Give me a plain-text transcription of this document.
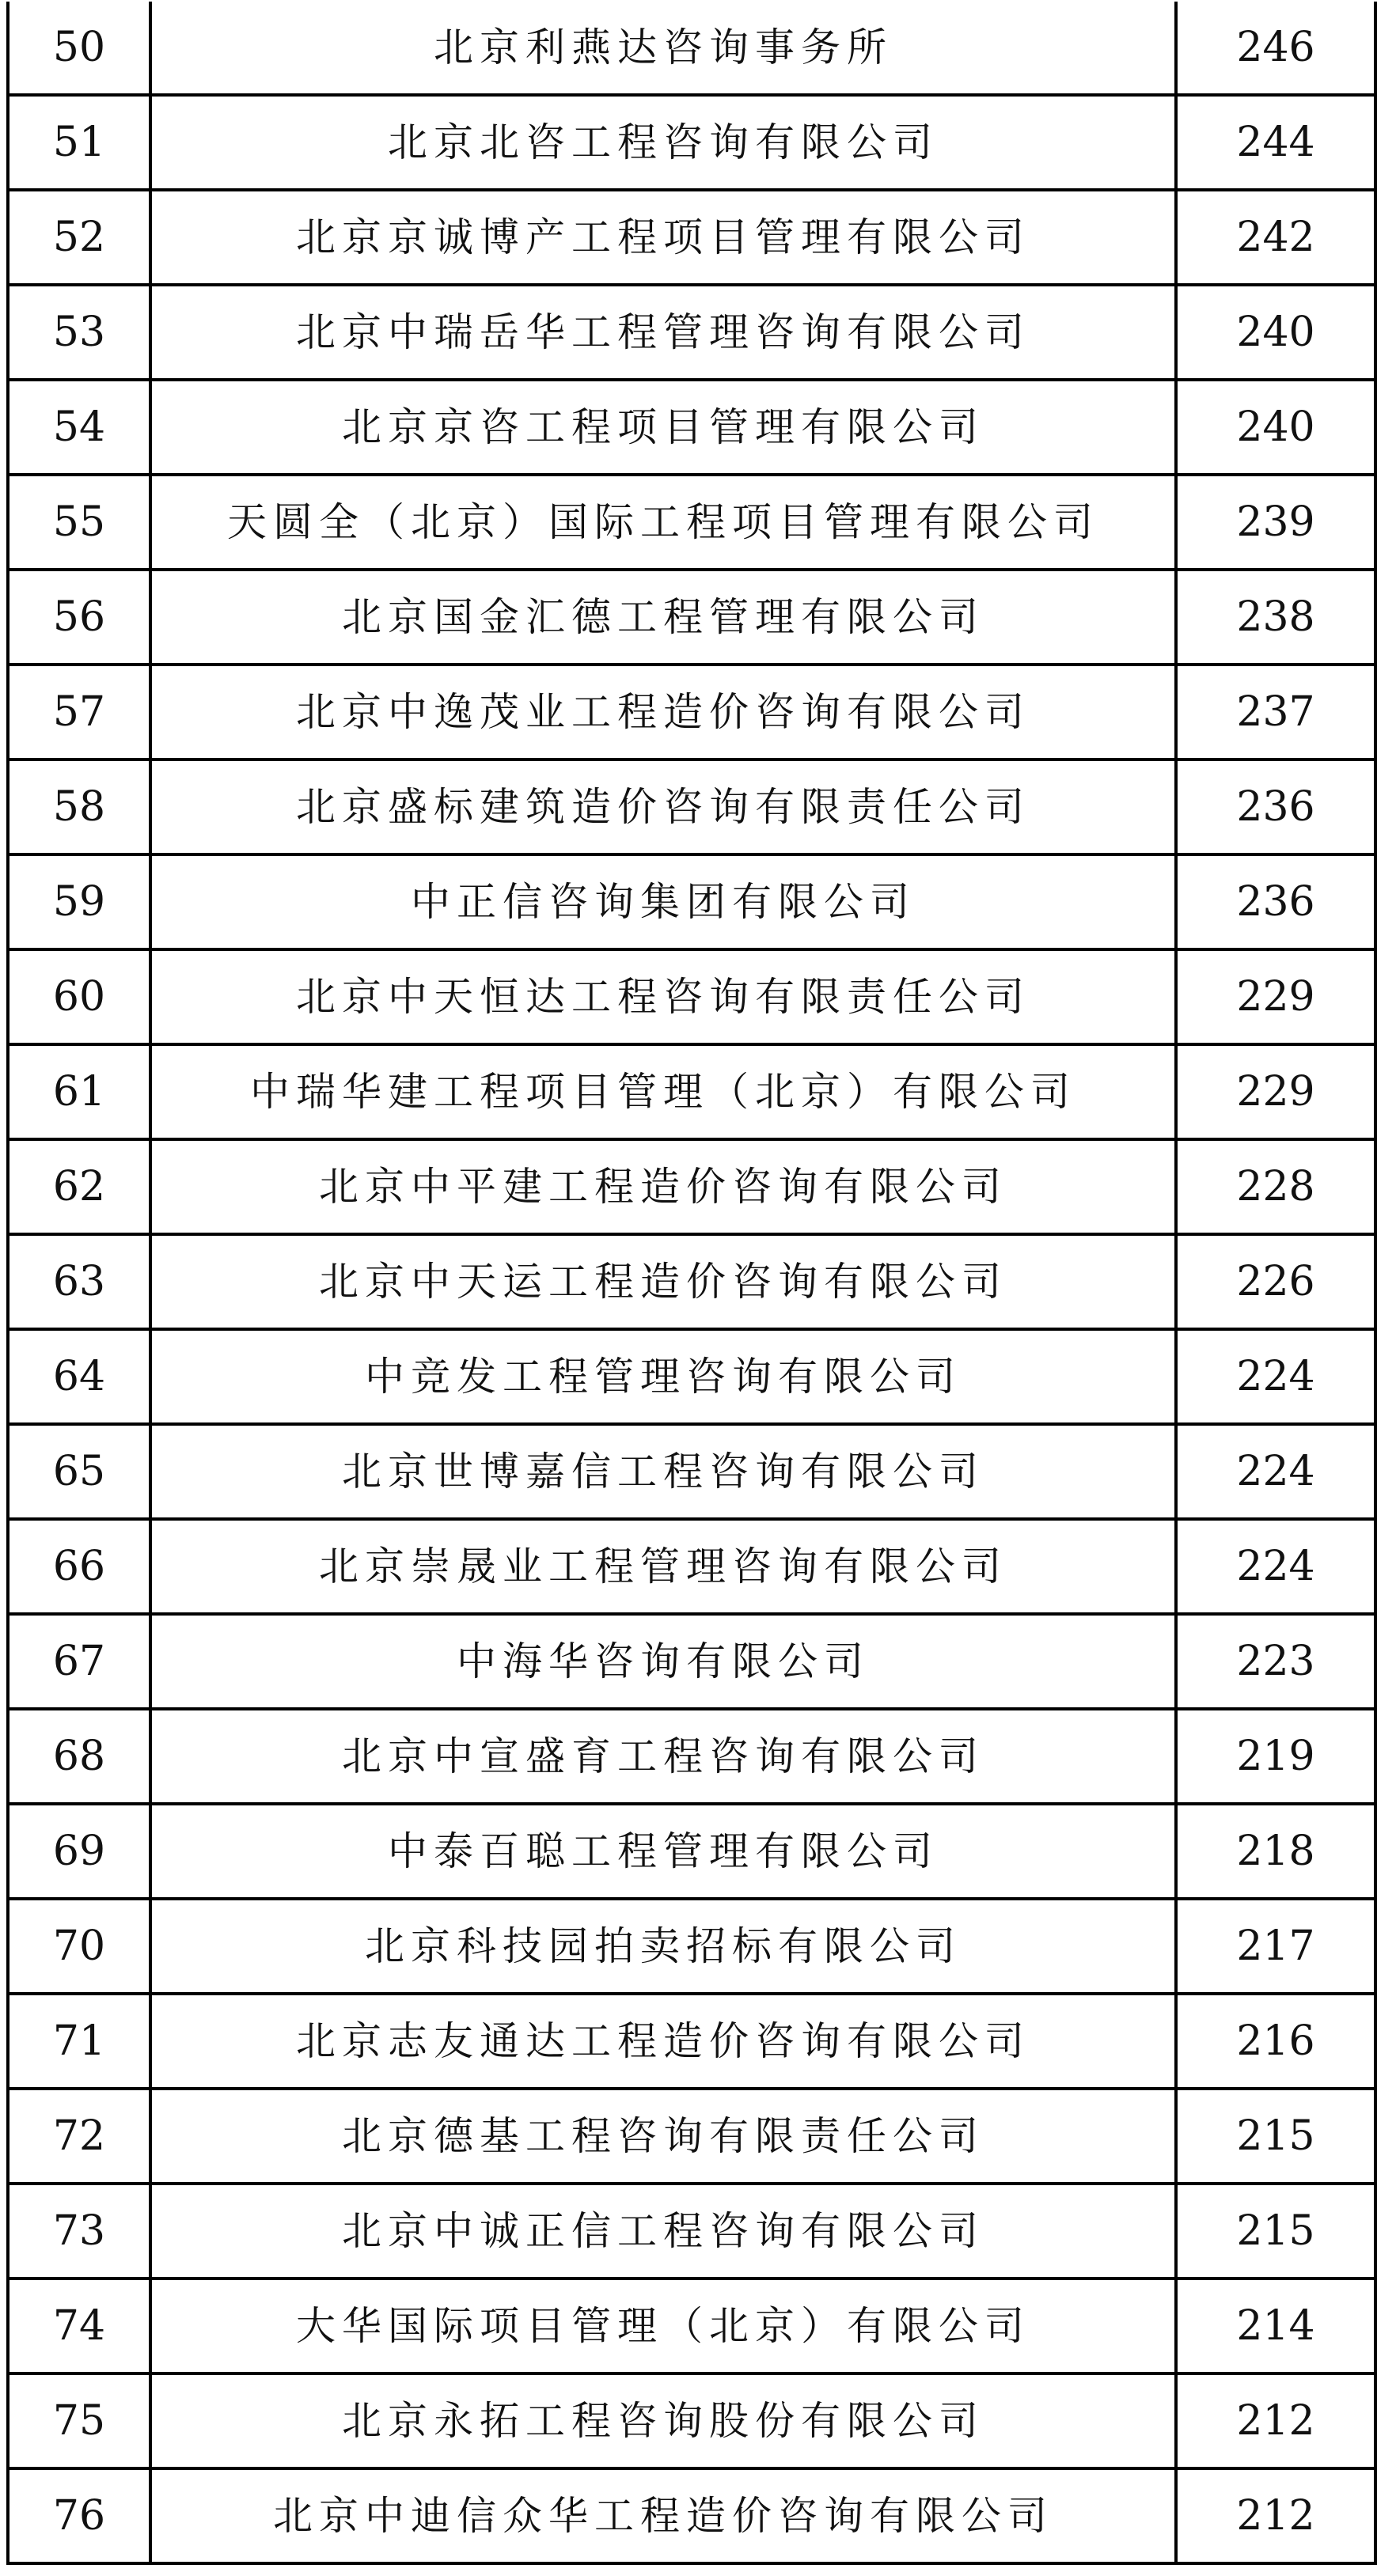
50	北京利燕达咨询事务所	246
51	北京北咨工程咨询有限公司	244
52	北京京诚博产工程项目管理有限公司	242
53	北京中瑞岳华工程管理咨询有限公司	240
54	北京京咨工程项目管理有限公司	240
55	天圆全（北京）国际工程项目管理有限公司	239
56	北京国金汇德工程管理有限公司	238
57	北京中逸茂业工程造价咨询有限公司	237
58	北京盛标建筑造价咨询有限责任公司	236
59	中正信咨询集团有限公司	236
60	北京中天恒达工程咨询有限责任公司	229
61	中瑞华建工程项目管理（北京）有限公司	229
62	北京中平建工程造价咨询有限公司	228
63	北京中天运工程造价咨询有限公司	226
64	中竞发工程管理咨询有限公司	224
65	北京世博嘉信工程咨询有限公司	224
66	北京崇晟业工程管理咨询有限公司	224
67	中海华咨询有限公司	223
68	北京中宣盛育工程咨询有限公司	219
69	中泰百聪工程管理有限公司	218
70	北京科技园拍卖招标有限公司	217
71	北京志友通达工程造价咨询有限公司	216
72	北京德基工程咨询有限责任公司	215
73	北京中诚正信工程咨询有限公司	215
74	大华国际项目管理（北京）有限公司	214
75	北京永拓工程咨询股份有限公司	212
76	北京中迪信众华工程造价咨询有限公司	212
